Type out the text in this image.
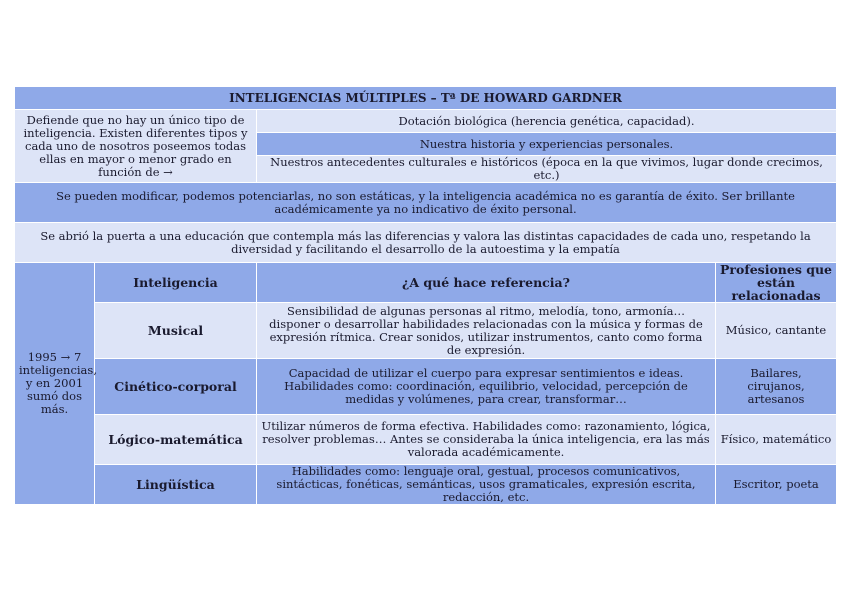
INTELIGENCIAS MÚLTIPLES – Tª DE HOWARD GARDNER			
Defiende que no hay un único tipo de inteligencia. Existen diferentes tipos y cada uno de nosotros poseemos todas ellas en mayor o menor grado en función de →		Dotación biológica (herencia genética, capacidad).	
		Nuestra historia y experiencias personales.	
		Nuestros antecedentes culturales e históricos (época en la que vivimos, lugar donde crecimos, etc.)	
Se pueden modificar, podemos potenciarlas, no son estáticas, y la inteligencia académica no es garantía de éxito. Ser brillante académicamente ya no indicativo de éxito personal.			
Se abrió la puerta a una educación que contempla más las diferencias y valora las distintas capacidades de cada uno, respetando la diversidad y facilitando el desarrollo de la autoestima y la empatía			
1995 → 7 inteligencias, y en 2001 sumó dos más.	Inteligencia	¿A qué hace referencia?	Profesiones que están relacionadas
	Musical	Sensibilidad de algunas personas al ritmo, melodía, tono, armonía… disponer o desarrollar habilidades relacionadas con la música y formas de expresión rítmica. Crear sonidos, utilizar instrumentos, canto como forma de expresión.	Músico, cantante
	Cinético-corporal	Capacidad de utilizar el cuerpo para expresar sentimientos e ideas. Habilidades como: coordinación, equilibrio, velocidad, percepción de medidas y volúmenes, para crear, transformar…	Bailares, cirujanos, artesanos
	Lógico-matemática	Utilizar números de forma efectiva. Habilidades como: razonamiento, lógica, resolver problemas… Antes se consideraba la única inteligencia, era las más valorada académicamente.	Físico, matemático
	Lingüística	Habilidades como: lenguaje oral, gestual, procesos comunicativos, sintácticas, fonéticas, semánticas, usos gramaticales, expresión escrita, redacción, etc.	Escritor, poeta
